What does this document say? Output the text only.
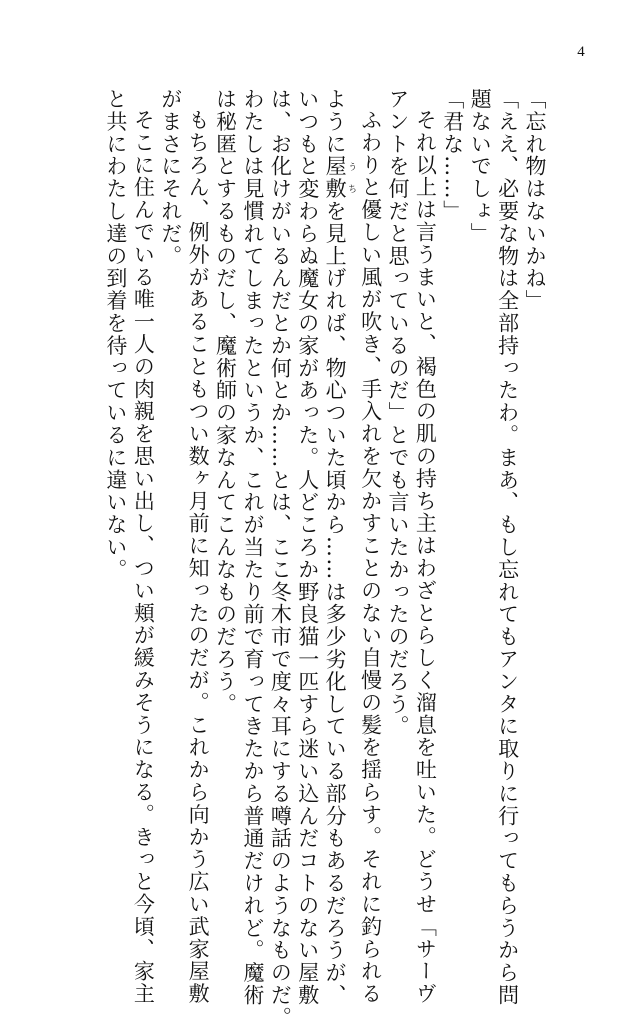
4

「忘れ物はないかね」

「ええ、必要な物は全部持ったわ。まあ、もし忘れてもアンタに取りに行ってもらうから問

題ないでしょ」

「君な……」

それ以上は言うまいと、褐色の肌の持ち主はわざとらしく溜息を吐いた。どうせ「サーヴ

アントを何だと思っているのだ」とでも言いたかったのだろう。

ふわりと優しい風が吹き、手入れを欠かすことのない自慢の髪を揺らす。それに釣られる

ように屋敷 うちを見上げれば、物心ついた頃から……は多少劣化している部分もあるだろうが、

いつもと変わらぬ魔女の家があった。人どころか野良猫一匹すら迷い込んだコトのない屋敷

は、お化けがいるんだとか何とか……とは、ここ冬木市で度々耳にする噂話のようなものだ。

わたしは見慣れてしまったというか、これが当たり前で育ってきたから普通だけれど。魔術

は秘匿とするものだし、魔術師の家なんてこんなものだろう。

もちろん、例外があることもつい数ヶ月前に知ったのだが。これから向かう広い武家屋敷

がまさにそれだ。

そこに住んでいる唯一人の肉親を思い出し、つい頬が緩みそうになる。きっと今頃、家主

と共にわたし達の到着を待っているに違いない。
